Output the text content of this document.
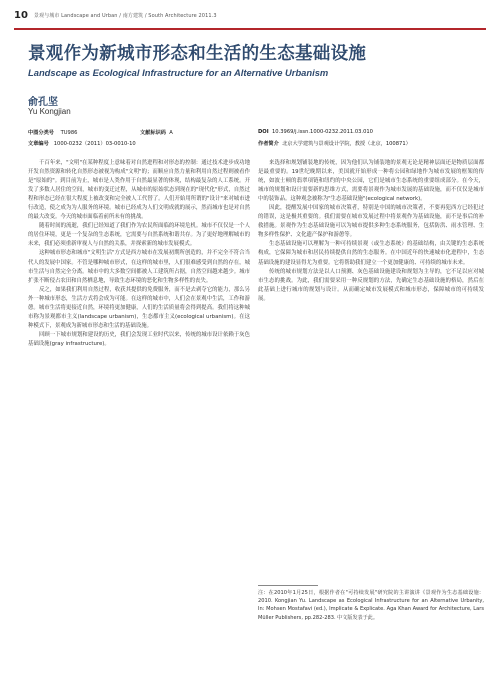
10 景观与城市 Landscape and Urban / 南方建筑 / South Architecture 2011.3
景观作为新城市形态和生活的生态基础设施
Landscape as Ecological Infrastructure for an Alternative Urbanism
俞孔坚
Yu Kongjian
中图分类号 TU986	文献标识码 A	DOI 10.3969/j.issn.1000-0232.2011.03.010
文章编号 1000-0232（2011）03-0010-10	作者简介 北京大学建筑与景观设计学院，教授（北京，100871）

千百年来，"文明"在某种程度上意味着对自然进程和对形态的控制：通过技术进步成功地开发自然资源和转化自然形态被视为构成"文明"的；而顺应自然力量和利用自然过程则被看作是"原始的"。到目前为止，城市是人类作用于自然最显著的体现，结构最复杂的人工系统。开发了多数人居住的空间，城市的变迁过程，从城市的原始状态到现在的"现代化"形式，自然过程和形态已经在很大程度上被改变和完全被人工代替了。人们开始用所谓的"设计"来对城市进行改造，使之成为为人服务的环境。城市已经成为人们文明成就的展示，然而城市也是对自然的最大改变。今天的城市面临着前所未有的挑战。

随着时间的流逝，我们已经知道了我们作为农民所面临的环境危机。城市不仅仅是一个人的居住环境，更是一个复杂的生态系统，它需要与自然系统和谐共存。为了更好地理解城市的未来，我们必须重新审视人与自然的关系，并探索新的城市发展模式。

这种城市形态和城市"文明生活"方式是西方城市在发展初期所创造的，并不完全不符合当代人的发展中国家。不管是哪种城市形式，在这样的城市里，人们很难感受到自然的存在，城市生活与自然完全分离。城市中的大多数空间都被人工建筑所占据，自然空间越来越少。城市扩张不断侵占农田和自然栖息地，导致生态环境的恶化和生物多样性的丧失。

反之，如果我们利用自然过程，收获其提供的免费服务，而不是去剥夺它的能力，那么另外一种城市形态，生活方式将会成为可能。在这样的城市中，人们会在景观中生活，工作和游憩。城市生活将更接近自然，环境将更加健康，人们的生活质量将会得到提高。我们将这种城市称为景观都市主义(landscape urbanism)，生态都市主义(ecological urbanism)。在这种模式下，景观成为新城市形态和生活的基础设施。

回顾一下城市规划和建设的历史，我们会发现工业时代以来，传统的城市设计依赖于灰色基础设施(gray infrastructure)。

来选择和规划铺装地的传统，因为他们认为铺装地的景观无论是精神层面还是物质层面都是最重要的。19世纪晚期以来，美国就开始形成一种将公园和绿地作为城市发展的框架的传统，如波士顿的翡翠项链和纽约的中央公园，它们是城市生态系统的重要组成部分。在今天，城市的规划和设计需要新的思维方式，需要将景观作为城市发展的基础设施，而不仅仅是城市中的装饰品。这种观念被称为"生态基础设施"(ecological network)。

因此，提醒发展中国家的城市决策者，特别是中国的城市决策者，不要再犯西方已经犯过的错误，这是极其重要的。我们需要在城市发展过程中将景观作为基础设施，而不是事后的补救措施。景观作为生态基础设施可以为城市提供多种生态系统服务，包括防洪、雨水管理、生物多样性保护、文化遗产保护和游憩等。

生态基础设施可以理解为一种可持续景观（或生态系统）的基础结构，由关键的生态系统构成，它保障为城市和居民持续提供自然的生态服务。在中国近年的快速城市化进程中，生态基础设施的建设显得尤为重要。它将帮助我们建立一个更加健康的、可持续的城市未来。

传统的城市规划方法是以人口预测、灰色基础设施建设和规划为主导的，它不足以应对城市生态的挑战。为此，我们需要采用一种反规划的方法，先确定生态基础设施的格局，然后在此基础上进行城市的规划与设计。从而确定城市发展模式和城市形态，保障城市的可持续发展。

注：在2010年1月25日，根据作者在"可持续发展"研究院的主讲演讲《景观作为生态基础设施：2010. Kongjian Yu. Landscape as Ecological Infrastructure for an Alternative Urbanity, In: Mohsen Mostafavi (ed.), Implicate & Explicate. Aga Khan Award for Architecture, Lars Müller Publishers, pp.282-283. 中文版发表于此。
